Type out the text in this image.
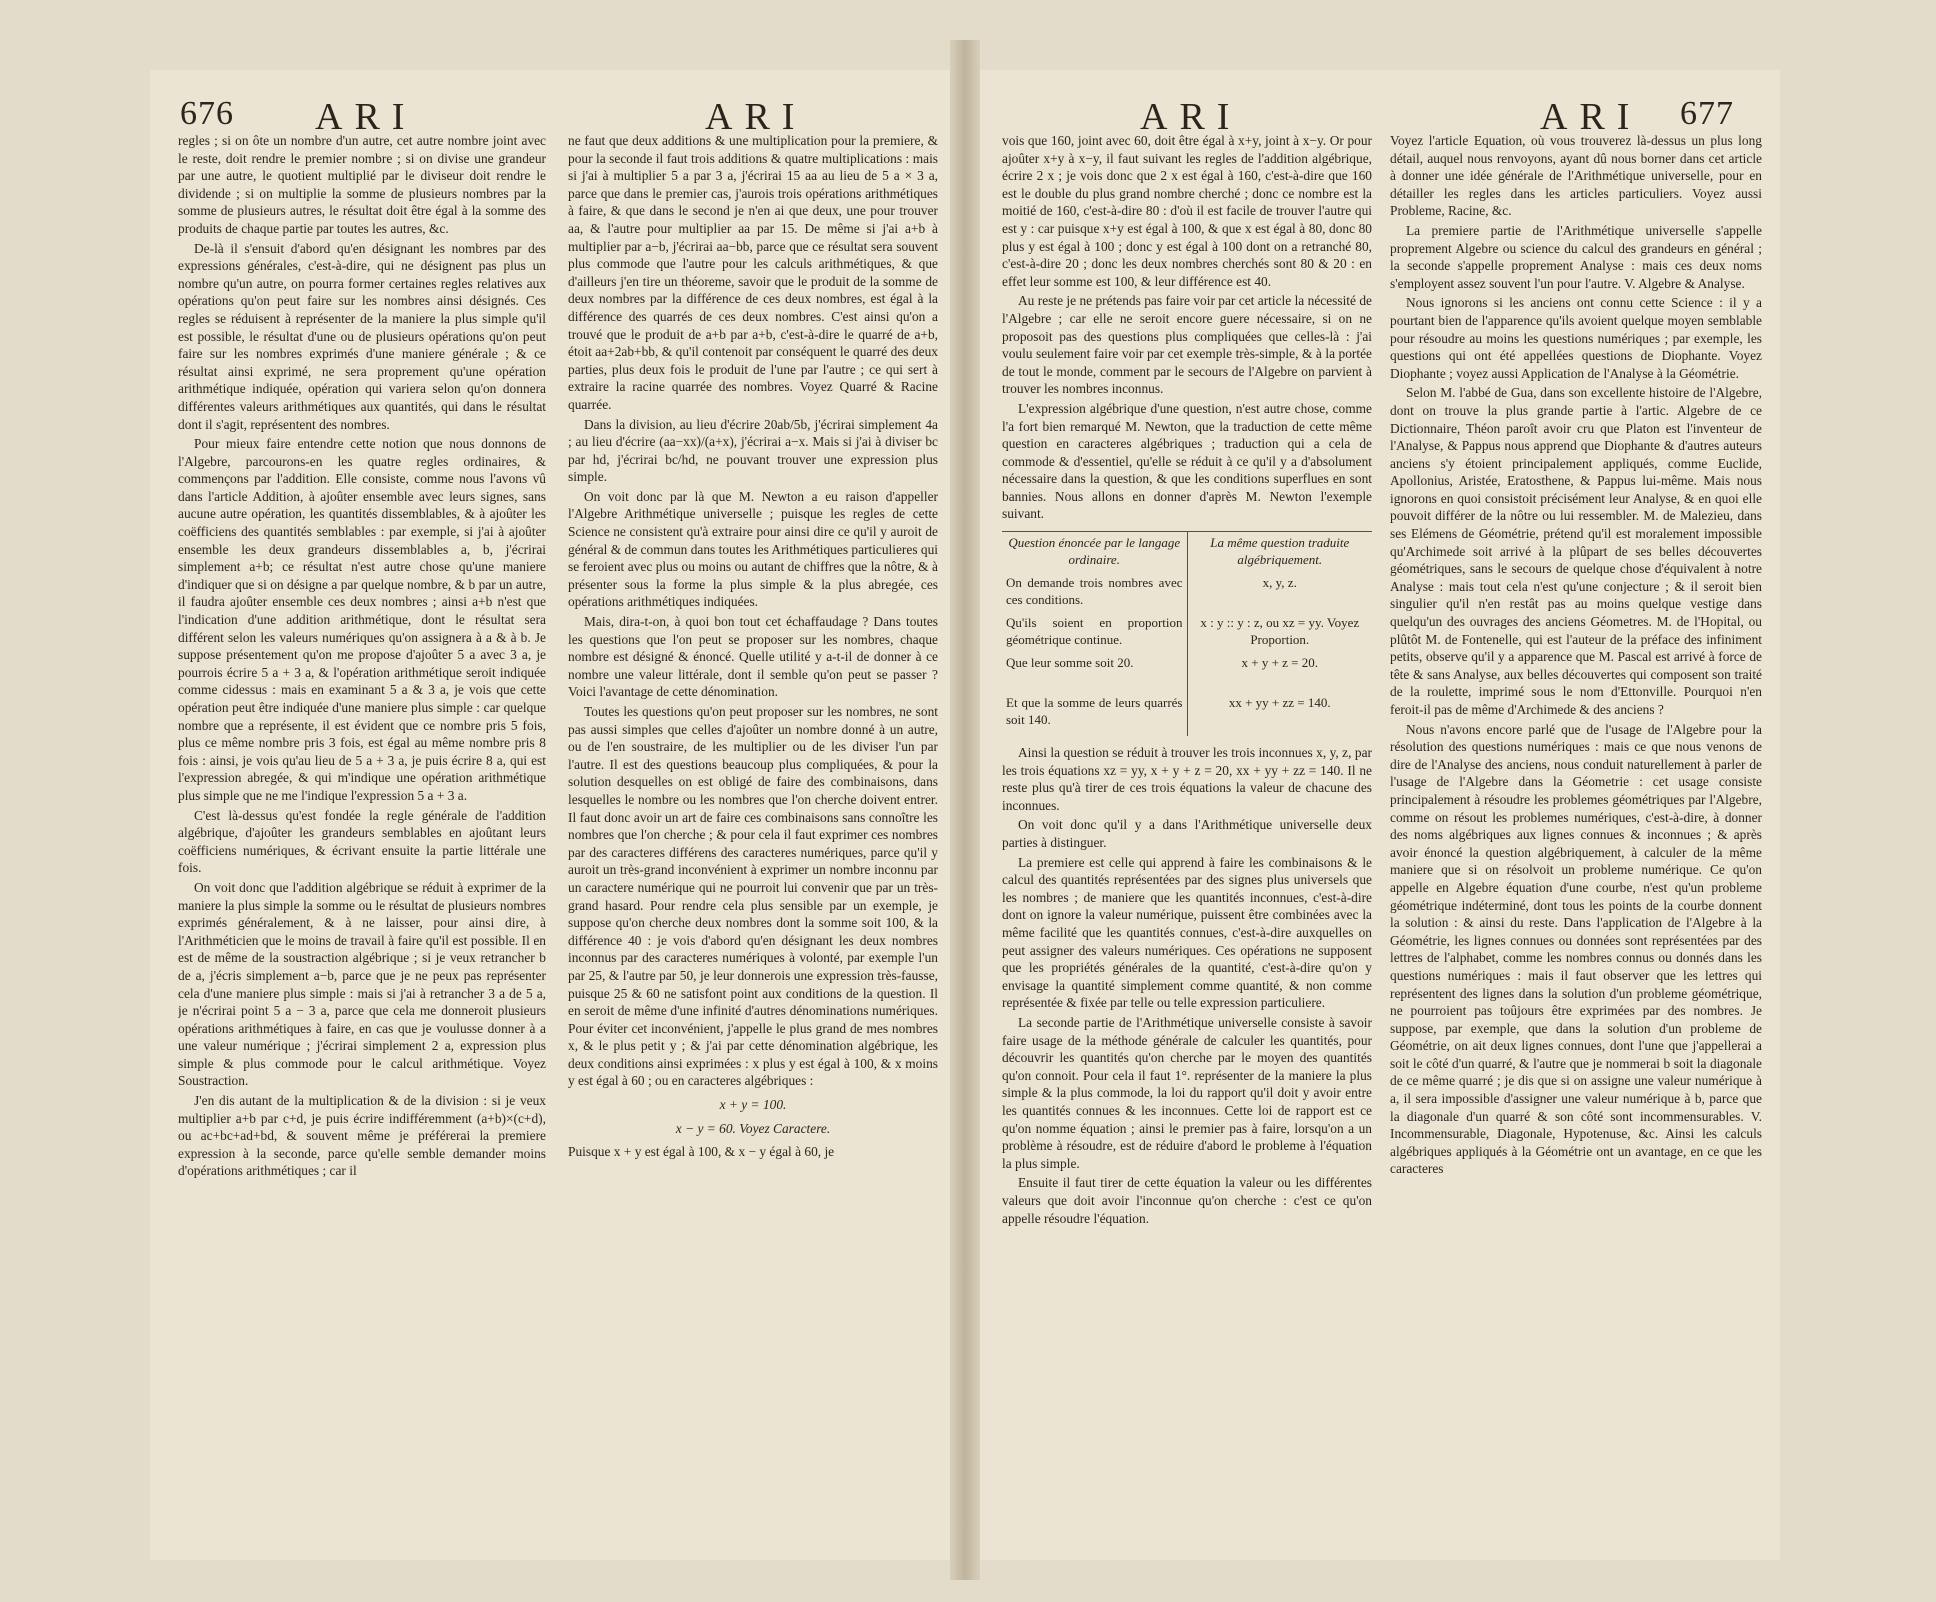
676 ARI	ARI

regles ; si on ôte un nombre d'un autre, cet autre nombre joint avec le reste, doit rendre le premier nombre ; si on divise une grandeur par une autre, le quotient multiplié par le diviseur doit rendre le dividende ; si on multiplie la somme de plusieurs nombres par la somme de plusieurs autres, le résultat doit être égal à la somme des produits de chaque partie par toutes les autres, &c.

De-là il s'ensuit d'abord qu'en désignant les nombres par des expressions générales, c'est-à-dire, qui ne désignent pas plus un nombre qu'un autre, on pourra former certaines regles relatives aux opérations qu'on peut faire sur les nombres ainsi désignés. Ces regles se réduisent à représenter de la maniere la plus simple qu'il est possible, le résultat d'une ou de plusieurs opérations qu'on peut faire sur les nombres exprimés d'une maniere générale ; & ce résultat ainsi exprimé, ne sera proprement qu'une opération arithmétique indiquée, opération qui variera selon qu'on donnera différentes valeurs arithmétiques aux quantités, qui dans le résultat dont il s'agit, représentent des nombres.

Pour mieux faire entendre cette notion que nous donnons de l'Algebre, parcourons-en les quatre regles ordinaires, & commençons par l'addition. Elle consiste, comme nous l'avons vû dans l'article Addition, à ajoûter ensemble avec leurs signes, sans aucune autre opération, les quantités dissemblables, & à ajoûter les coëfficiens des quantités semblables : par exemple, si j'ai à ajoûter ensemble les deux grandeurs dissemblables a, b, j'écrirai simplement a+b; ce résultat n'est autre chose qu'une maniere d'indiquer que si on désigne a par quelque nombre, & b par un autre, il faudra ajoûter ensemble ces deux nombres ; ainsi a+b n'est que l'indication d'une addition arithmétique, dont le résultat sera différent selon les valeurs numériques qu'on assignera à a & à b. Je suppose présentement qu'on me propose d'ajoûter 5 a avec 3 a, je pourrois écrire 5 a + 3 a, & l'opération arithmétique seroit indiquée comme cidessus : mais en examinant 5 a & 3 a, je vois que cette opération peut être indiquée d'une maniere plus simple : car quelque nombre que a représente, il est évident que ce nombre pris 5 fois, plus ce même nombre pris 3 fois, est égal au même nombre pris 8 fois : ainsi, je vois qu'au lieu de 5 a + 3 a, je puis écrire 8 a, qui est l'expression abregée, & qui m'indique une opération arithmétique plus simple que ne me l'indique l'expression 5 a + 3 a.

C'est là-dessus qu'est fondée la regle générale de l'addition algébrique, d'ajoûter les grandeurs semblables en ajoûtant leurs coëfficiens numériques, & écrivant ensuite la partie littérale une fois.

On voit donc que l'addition algébrique se réduit à exprimer de la maniere la plus simple la somme ou le résultat de plusieurs nombres exprimés généralement, & à ne laisser, pour ainsi dire, à l'Arithméticien que le moins de travail à faire qu'il est possible. Il en est de même de la soustraction algébrique ; si je veux retrancher b de a, j'écris simplement a−b, parce que je ne peux pas représenter cela d'une maniere plus simple : mais si j'ai à retrancher 3 a de 5 a, je n'écrirai point 5 a − 3 a, parce que cela me donneroit plusieurs opérations arithmétiques à faire, en cas que je voulusse donner à a une valeur numérique ; j'écrirai simplement 2 a, expression plus simple & plus commode pour le calcul arithmétique. Voyez Soustraction.

J'en dis autant de la multiplication & de la division : si je veux multiplier a+b par c+d, je puis écrire indifféremment (a+b)×(c+d), ou ac+bc+ad+bd, & souvent même je préférerai la premiere expression à la seconde, parce qu'elle semble demander moins d'opérations arithmétiques ; car il

ne faut que deux additions & une multiplication pour la premiere, & pour la seconde il faut trois additions & quatre multiplications : mais si j'ai à multiplier 5 a par 3 a, j'écrirai 15 aa au lieu de 5 a × 3 a, parce que dans le premier cas, j'aurois trois opérations arithmétiques à faire, & que dans le second je n'en ai que deux, une pour trouver aa, & l'autre pour multiplier aa par 15. De même si j'ai a+b à multiplier par a−b, j'écrirai aa−bb, parce que ce résultat sera souvent plus commode que l'autre pour les calculs arithmétiques, & que d'ailleurs j'en tire un théoreme, savoir que le produit de la somme de deux nombres par la différence de ces deux nombres, est égal à la différence des quarrés de ces deux nombres. C'est ainsi qu'on a trouvé que le produit de a+b par a+b, c'est-à-dire le quarré de a+b, étoit aa+2ab+bb, & qu'il contenoit par conséquent le quarré des deux parties, plus deux fois le produit de l'une par l'autre ; ce qui sert à extraire la racine quarrée des nombres. Voyez Quarré & Racine quarrée.

Dans la division, au lieu d'écrire 20ab/5b, j'écrirai simplement 4a ; au lieu d'écrire (aa−xx)/(a+x), j'écrirai a−x. Mais si j'ai à diviser bc par hd, j'écrirai bc/hd, ne pouvant trouver une expression plus simple.

On voit donc par là que M. Newton a eu raison d'appeller l'Algebre Arithmétique universelle ; puisque les regles de cette Science ne consistent qu'à extraire pour ainsi dire ce qu'il y auroit de général & de commun dans toutes les Arithmétiques particulieres qui se feroient avec plus ou moins ou autant de chiffres que la nôtre, & à présenter sous la forme la plus simple & la plus abregée, ces opérations arithmétiques indiquées.

Mais, dira-t-on, à quoi bon tout cet échaffaudage ? Dans toutes les questions que l'on peut se proposer sur les nombres, chaque nombre est désigné & énoncé. Quelle utilité y a-t-il de donner à ce nombre une valeur littérale, dont il semble qu'on peut se passer ? Voici l'avantage de cette dénomination.

Toutes les questions qu'on peut proposer sur les nombres, ne sont pas aussi simples que celles d'ajoûter un nombre donné à un autre, ou de l'en soustraire, de les multiplier ou de les diviser l'un par l'autre. Il est des questions beaucoup plus compliquées, & pour la solution desquelles on est obligé de faire des combinaisons, dans lesquelles le nombre ou les nombres que l'on cherche doivent entrer. Il faut donc avoir un art de faire ces combinaisons sans connoître les nombres que l'on cherche ; & pour cela il faut exprimer ces nombres par des caracteres différens des caracteres numériques, parce qu'il y auroit un très-grand inconvénient à exprimer un nombre inconnu par un caractere numérique qui ne pourroit lui convenir que par un très-grand hasard. Pour rendre cela plus sensible par un exemple, je suppose qu'on cherche deux nombres dont la somme soit 100, & la différence 40 : je vois d'abord qu'en désignant les deux nombres inconnus par des caracteres numériques à volonté, par exemple l'un par 25, & l'autre par 50, je leur donnerois une expression très-fausse, puisque 25 & 60 ne satisfont point aux conditions de la question. Il en seroit de même d'une infinité d'autres dénominations numériques. Pour éviter cet inconvénient, j'appelle le plus grand de mes nombres x, & le plus petit y ; & j'ai par cette dénomination algébrique, les deux conditions ainsi exprimées : x plus y est égal à 100, & x moins y est égal à 60 ; ou en caracteres algébriques :

x + y = 100.
x − y = 60. Voyez Caractere.

Puisque x + y est égal à 100, & x − y égal à 60, je

ARI	ARI 677

vois que 160, joint avec 60, doit être égal à x+y, joint à x−y. Or pour ajoûter x+y à x−y, il faut suivant les regles de l'addition algébrique, écrire 2 x ; je vois donc que 2 x est égal à 160, c'est-à-dire que 160 est le double du plus grand nombre cherché ; donc ce nombre est la moitié de 160, c'est-à-dire 80 : d'où il est facile de trouver l'autre qui est y : car puisque x+y est égal à 100, & que x est égal à 80, donc 80 plus y est égal à 100 ; donc y est égal à 100 dont on a retranché 80, c'est-à-dire 20 ; donc les deux nombres cherchés sont 80 & 20 : en effet leur somme est 100, & leur différence est 40.

Au reste je ne prétends pas faire voir par cet article la nécessité de l'Algebre ; car elle ne seroit encore guere nécessaire, si on ne proposoit pas des questions plus compliquées que celles-là : j'ai voulu seulement faire voir par cet exemple très-simple, & à la portée de tout le monde, comment par le secours de l'Algebre on parvient à trouver les nombres inconnus.

L'expression algébrique d'une question, n'est autre chose, comme l'a fort bien remarqué M. Newton, que la traduction de cette même question en caracteres algébriques ; traduction qui a cela de commode & d'essentiel, qu'elle se réduit à ce qu'il y a d'absolument nécessaire dans la question, & que les conditions superflues en sont bannies. Nous allons en donner d'après M. Newton l'exemple suivant.

Question énoncée par le langage ordinaire.
On demande trois nombres avec ces conditions.
Qu'ils soient en proportion géométrique continue.
Que leur somme soit 20.
Et que la somme de leurs quarrés soit 140.
La même question traduite algébriquement.
x, y, z.
x : y :: y : z, ou xz = yy. Voyez Proportion.
x + y + z = 20.
xx + yy + zz = 140.

Ainsi la question se réduit à trouver les trois inconnues x, y, z, par les trois équations xz = yy, x + y + z = 20, xx + yy + zz = 140. Il ne reste plus qu'à tirer de ces trois équations la valeur de chacune des inconnues.

On voit donc qu'il y a dans l'Arithmétique universelle deux parties à distinguer.

La premiere est celle qui apprend à faire les combinaisons & le calcul des quantités représentées par des signes plus universels que les nombres ; de maniere que les quantités inconnues, c'est-à-dire dont on ignore la valeur numérique, puissent être combinées avec la même facilité que les quantités connues, c'est-à-dire auxquelles on peut assigner des valeurs numériques. Ces opérations ne supposent que les propriétés générales de la quantité, c'est-à-dire qu'on y envisage la quantité simplement comme quantité, & non comme représentée & fixée par telle ou telle expression particuliere.

La seconde partie de l'Arithmétique universelle consiste à savoir faire usage de la méthode générale de calculer les quantités, pour découvrir les quantités qu'on cherche par le moyen des quantités qu'on connoit. Pour cela il faut 1°. représenter de la maniere la plus simple & la plus commode, la loi du rapport qu'il doit y avoir entre les quantités connues & les inconnues. Cette loi de rapport est ce qu'on nomme équation ; ainsi le premier pas à faire, lorsqu'on a un problème à résoudre, est de réduire d'abord le probleme à l'équation la plus simple.

Ensuite il faut tirer de cette équation la valeur ou les différentes valeurs que doit avoir l'inconnue qu'on cherche : c'est ce qu'on appelle résoudre l'équation.

Voyez l'article Equation, où vous trouverez là-dessus un plus long détail, auquel nous renvoyons, ayant dû nous borner dans cet article à donner une idée générale de l'Arithmétique universelle, pour en détailler les regles dans les articles particuliers. Voyez aussi Probleme, Racine, &c.

La premiere partie de l'Arithmétique universelle s'appelle proprement Algebre ou science du calcul des grandeurs en général ; la seconde s'appelle proprement Analyse : mais ces deux noms s'employent assez souvent l'un pour l'autre. V. Algebre & Analyse.

Nous ignorons si les anciens ont connu cette Science : il y a pourtant bien de l'apparence qu'ils avoient quelque moyen semblable pour résoudre au moins les questions numériques ; par exemple, les questions qui ont été appellées questions de Diophante. Voyez Diophante ; voyez aussi Application de l'Analyse à la Géométrie.

Selon M. l'abbé de Gua, dans son excellente histoire de l'Algebre, dont on trouve la plus grande partie à l'artic. Algebre de ce Dictionnaire, Théon paroît avoir cru que Platon est l'inventeur de l'Analyse, & Pappus nous apprend que Diophante & d'autres auteurs anciens s'y étoient principalement appliqués, comme Euclide, Apollonius, Aristée, Eratosthene, & Pappus lui-même. Mais nous ignorons en quoi consistoit précisément leur Analyse, & en quoi elle pouvoit différer de la nôtre ou lui ressembler. M. de Malezieu, dans ses Elémens de Géométrie, prétend qu'il est moralement impossible qu'Archimede soit arrivé à la plûpart de ses belles découvertes géométriques, sans le secours de quelque chose d'équivalent à notre Analyse : mais tout cela n'est qu'une conjecture ; & il seroit bien singulier qu'il n'en restât pas au moins quelque vestige dans quelqu'un des ouvrages des anciens Géometres. M. de l'Hopital, ou plûtôt M. de Fontenelle, qui est l'auteur de la préface des infiniment petits, observe qu'il y a apparence que M. Pascal est arrivé à force de tête & sans Analyse, aux belles découvertes qui composent son traité de la roulette, imprimé sous le nom d'Ettonville. Pourquoi n'en feroit-il pas de même d'Archimede & des anciens ?

Nous n'avons encore parlé que de l'usage de l'Algebre pour la résolution des questions numériques : mais ce que nous venons de dire de l'Analyse des anciens, nous conduit naturellement à parler de l'usage de l'Algebre dans la Géometrie : cet usage consiste principalement à résoudre les problemes géométriques par l'Algebre, comme on résout les problemes numériques, c'est-à-dire, à donner des noms algébriques aux lignes connues & inconnues ; & après avoir énoncé la question algébriquement, à calculer de la même maniere que si on résolvoit un probleme numérique. Ce qu'on appelle en Algebre équation d'une courbe, n'est qu'un probleme géométrique indéterminé, dont tous les points de la courbe donnent la solution : & ainsi du reste. Dans l'application de l'Algebre à la Géométrie, les lignes connues ou données sont représentées par des lettres de l'alphabet, comme les nombres connus ou donnés dans les questions numériques : mais il faut observer que les lettres qui représentent des lignes dans la solution d'un probleme géométrique, ne pourroient pas toûjours être exprimées par des nombres. Je suppose, par exemple, que dans la solution d'un probleme de Géométrie, on ait deux lignes connues, dont l'une que j'appellerai a soit le côté d'un quarré, & l'autre que je nommerai b soit la diagonale de ce même quarré ; je dis que si on assigne une valeur numérique à a, il sera impossible d'assigner une valeur numérique à b, parce que la diagonale d'un quarré & son côté sont incommensurables. V. Incommensurable, Diagonale, Hypotenuse, &c. Ainsi les calculs algébriques appliqués à la Géométrie ont un avantage, en ce que les caracteres
